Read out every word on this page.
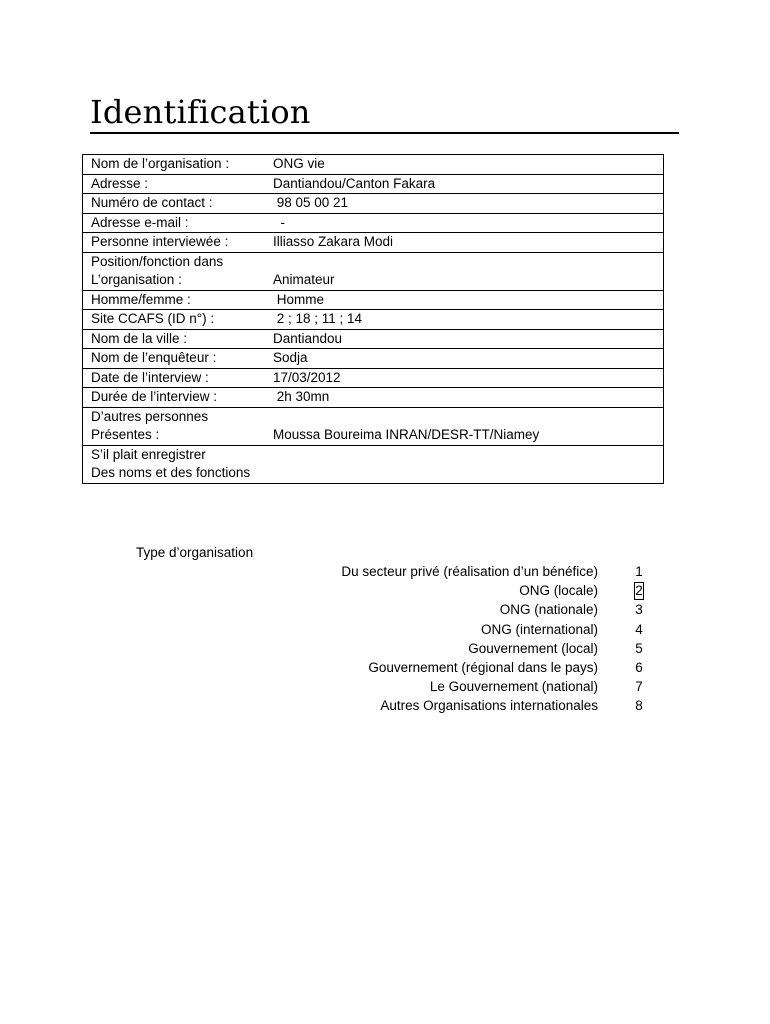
Identification
Nom de l’organisation :	ONG vie
Adresse :	Dantiandou/Canton Fakara
Numéro de contact :	98 05 00 21
Adresse e-mail :	-
Personne interviewée :	Illiasso Zakara Modi

Position/fonction dans
L’organisation :	Animateur
Homme/femme :	Homme
Site CCAFS (ID n°) :	2 ; 18 ; 11 ; 14
Nom de la ville :	Dantiandou
Nom de l’enquêteur :	Sodja
Date de l’interview :	17/03/2012
Durée de l’interview :	2h 30mn

D’autres personnes
Présentes :	Moussa Boureima INRAN/DESR-TT/Niamey

S’il plait enregistrer
Des noms et des fonctions	

Type d’organisation
Du secteur privé (réalisation d’un bénéfice)	1
ONG (locale)	2
ONG (nationale)	3
ONG (international)	4
Gouvernement (local)	5
Gouvernement (régional dans le pays)	6
Le Gouvernement (national)	7
Autres Organisations internationales	8
